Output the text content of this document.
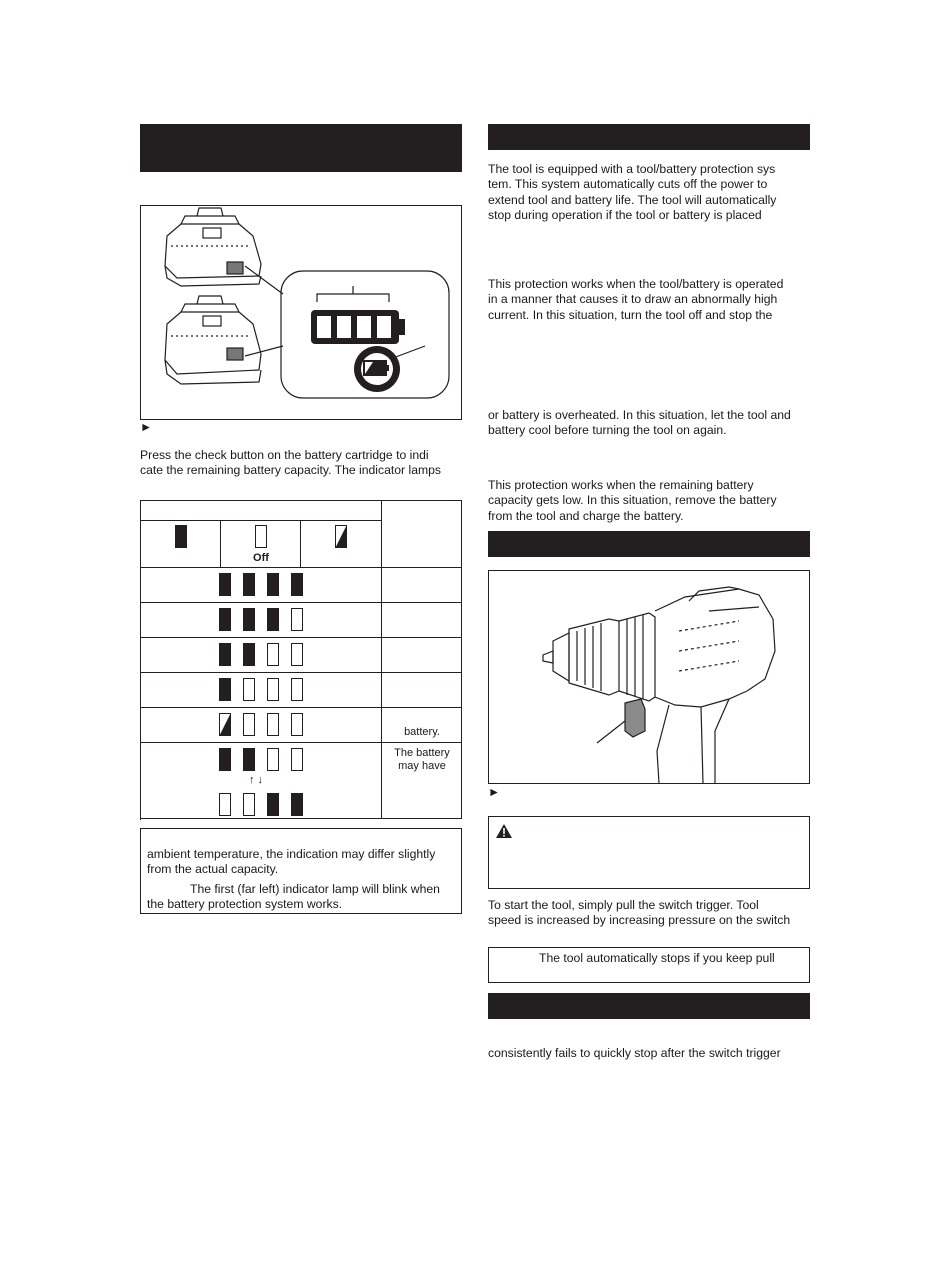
►
Press the check button on the battery cartridge to indi
cate the remaining battery capacity. The indicator lamps
Off
battery.
↑ ↓
The battery
may have
ambient temperature, the indication may differ slightly
from the actual capacity.
The first (far left) indicator lamp will blink when
the battery protection system works.
The tool is equipped with a tool/battery protection sys
tem. This system automatically cuts off the power to
extend tool and battery life. The tool will automatically
stop during operation if the tool or battery is placed
This protection works when the tool/battery is operated
in a manner that causes it to draw an abnormally high
current. In this situation, turn the tool off and stop the
or battery is overheated. In this situation, let the tool and
battery cool before turning the tool on again.
This protection works when the remaining battery
capacity gets low. In this situation, remove the battery
from the tool and charge the battery.
►
To start the tool, simply pull the switch trigger. Tool
speed is increased by increasing pressure on the switch
The tool automatically stops if you keep pull
consistently fails to quickly stop after the switch trigger
